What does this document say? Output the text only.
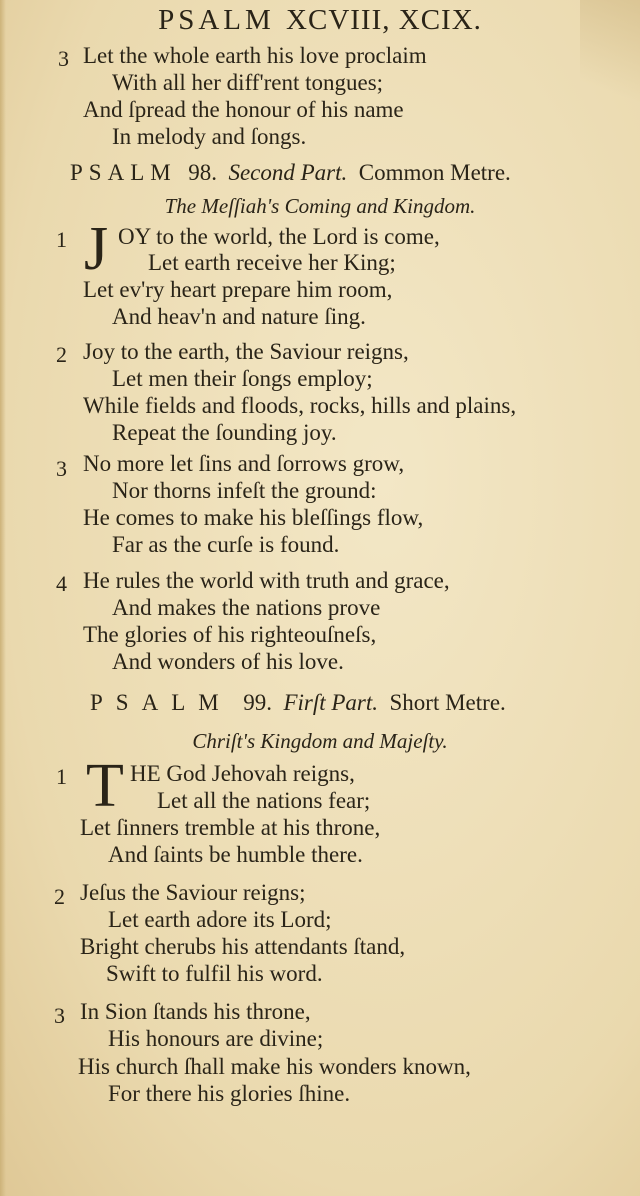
PSALM XCVIII, XCIX.
3 Let the whole earth his love proclaim
With all her diff'rent tongues;
And ſpread the honour of his name
In melody and ſongs.
PSALM 98. Second Part. Common Metre.
The Meſſiah's Coming and Kingdom.
1 J OY to the world, the Lord is come,
Let earth receive her King;
Let ev'ry heart prepare him room,
And heav'n and nature ſing.
2 Joy to the earth, the Saviour reigns,
Let men their ſongs employ;
While fields and floods, rocks, hills and plains,
Repeat the ſounding joy.
3 No more let ſins and ſorrows grow,
Nor thorns infeſt the ground:
He comes to make his bleſſings flow,
Far as the curſe is found.
4 He rules the world with truth and grace,
And makes the nations prove
The glories of his righteouſneſs,
And wonders of his love.
PSALM 99. Firſt Part. Short Metre.
Chriſt's Kingdom and Majeſty.
1 T HE God Jehovah reigns,
Let all the nations fear;
Let ſinners tremble at his throne,
And ſaints be humble there.
2 Jeſus the Saviour reigns;
Let earth adore its Lord;
Bright cherubs his attendants ſtand,
Swift to fulfil his word.
3 In Sion ſtands his throne,
His honours are divine;
His church ſhall make his wonders known,
For there his glories ſhine.
